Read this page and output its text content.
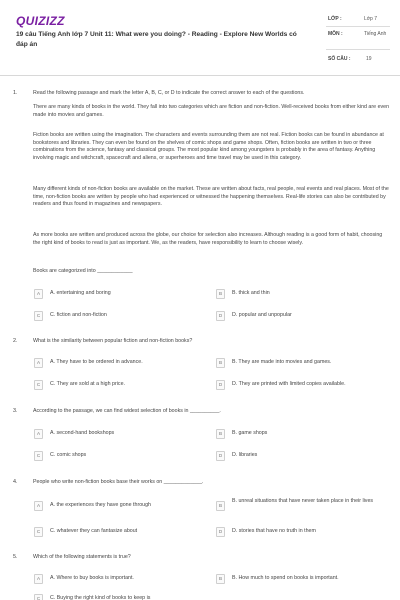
QUIZIZZ
19 câu Tiếng Anh lớp 7 Unit 11: What were you doing? - Reading - Explore New Worlds có đáp án
LỚP :	Lớp 7
MÔN :	Tiếng Anh
SỐ CÂU :	19
1.	Read the following passage and mark the letter A, B, C, or D to indicate the correct answer to each of the questions.
There are many kinds of books in the world. They fall into two categories which are fiction and non-fiction. Well-received books from either kind are even made into movies and games.
Fiction books are written using the imagination. The characters and events surrounding them are not real. Fiction books can be found in abundance at bookstores and libraries. They can even be found on the shelves of comic shops and game shops. Often, fiction books are written in two or three combinations from the science, fantasy and classical groups. The most popular kind among youngsters is probably in the area of fantasy. Anything involving magic and witchcraft, spacecraft and aliens, or superheroes and time travel may be used in this category.
Many different kinds of non-fiction books are available on the market. These are written about facts, real people, real events and real places. Most of the time, non-fiction books are written by people who had experienced or witnessed the happening themselves. Real-life stories can also be contributed by readers and thus found in magazines and newspapers.
As more books are written and produced across the globe, our choice for selection also increases. Although reading is a good form of habit, choosing the right kind of books to read is just as important. We, as the readers, have responsibility to learn to choose wisely.
Books are categorized into ____________
A	A. entertaining and boring	B	B. thick and thin
C	C. fiction and non-fiction	D	D. popular and unpopular
2.	What is the similarity between popular fiction and non-fiction books?
A	A. They have to be ordered in advance.	B	B. They are made into movies and games.
C	C. They are sold at a high price.	D	D. They are printed with limited copies available.
3.	According to the passage, we can find widest selection of books in __________.
A	A. second-hand bookshops	B	B. game shops
C	C. comic shops	D	D. libraries
4.	People who write non-fiction books base their works on _____________.
A	A. the experiences they have gone through	B
B. unreal situations that have never taken place in their lives
C	C. whatever they can fantasize about	D	D. stories that have no truth in them
5.	Which of the following statements is true?
A	A. Where to buy books is important.	B	B. How much to spend on books is important.
C	C. Buying the right kind of books to keep is
